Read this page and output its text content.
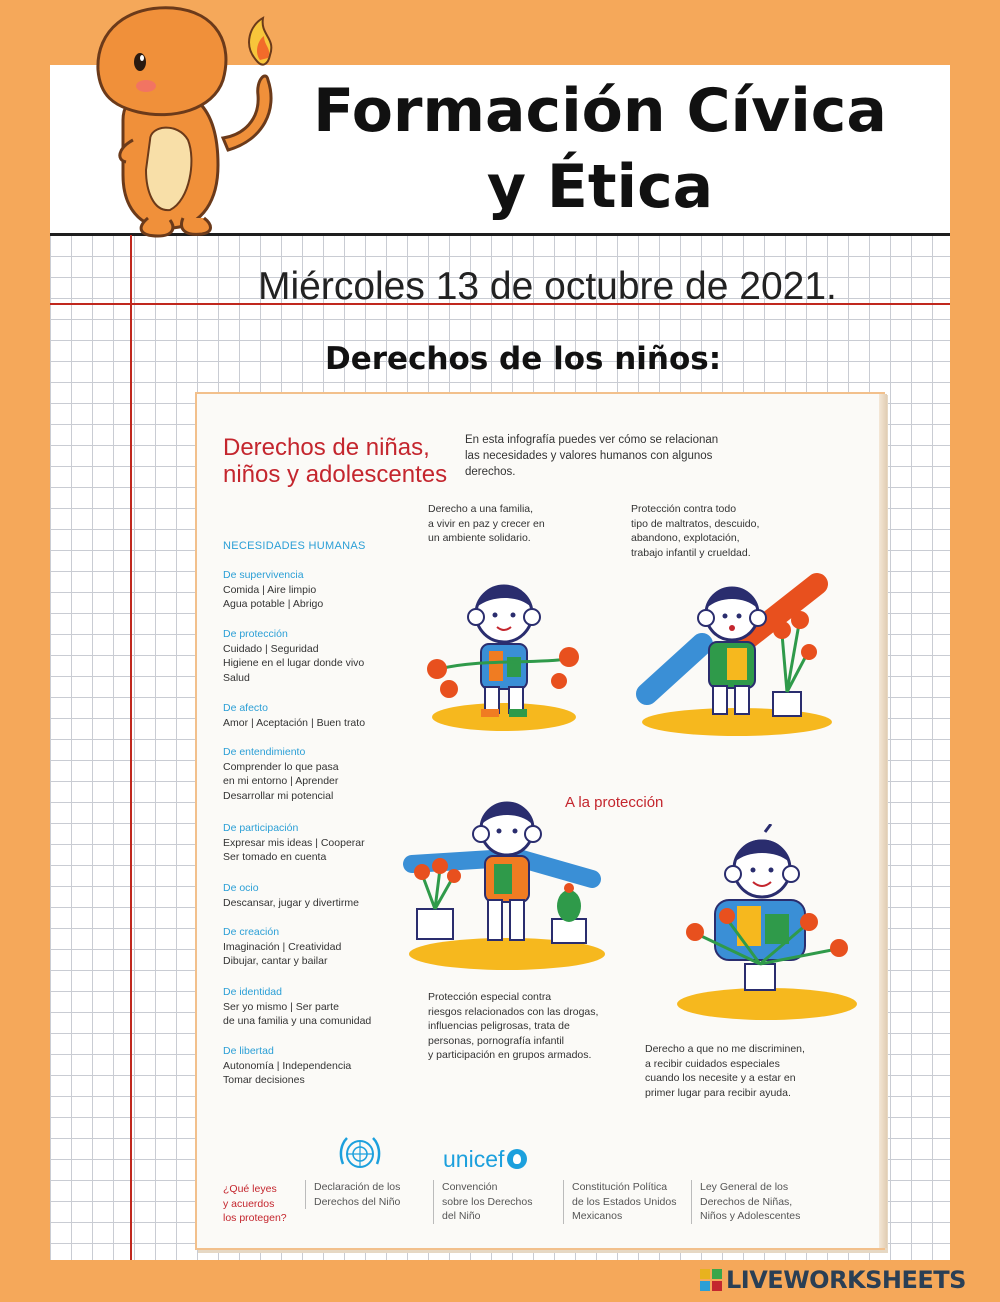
Formación Cívica
y Ética
Miércoles 13 de octubre de 2021.
Derechos de los niños:
Derechos de niñas,
niños y adolescentes
En esta infografía puedes ver cómo se relacionan las necesidades y valores humanos con algunos derechos.
Derecho a una familia,
a vivir en paz y crecer en
un ambiente solidario.
Protección contra todo
tipo de maltratos, descuido,
abandono, explotación,
trabajo infantil y crueldad.
NECESIDADES HUMANAS
De supervivencia
Comida | Aire limpio
Agua potable | Abrigo
De protección
Cuidado | Seguridad
Higiene en el lugar donde vivo
Salud
De afecto
Amor | Aceptación | Buen trato
De entendimiento
Comprender lo que pasa
en mi entorno | Aprender
Desarrollar mi potencial
De participación
Expresar mis ideas | Cooperar
Ser tomado en cuenta
De ocio
Descansar, jugar y divertirme
De creación
Imaginación | Creatividad
Dibujar, cantar y bailar
De identidad
Ser yo mismo | Ser parte
de una familia y una comunidad
De libertad
Autonomía | Independencia
Tomar decisiones
A la protección
Protección especial contra
riesgos relacionados con las drogas,
influencias peligrosas, trata de
personas, pornografía infantil
y participación en grupos armados.	Derecho a que no me discriminen,
a recibir cuidados especiales
cuando los necesite y a estar en
primer lugar para recibir ayuda.
unicef
¿Qué leyes
y acuerdos
los protegen?
Declaración de los
Derechos del Niño
Convención
sobre los Derechos
del Niño
Constitución Política
de los Estados Unidos
Mexicanos
Ley General de los
Derechos de Niñas,
Niños y Adolescentes
LIVEWORKSHEETS
